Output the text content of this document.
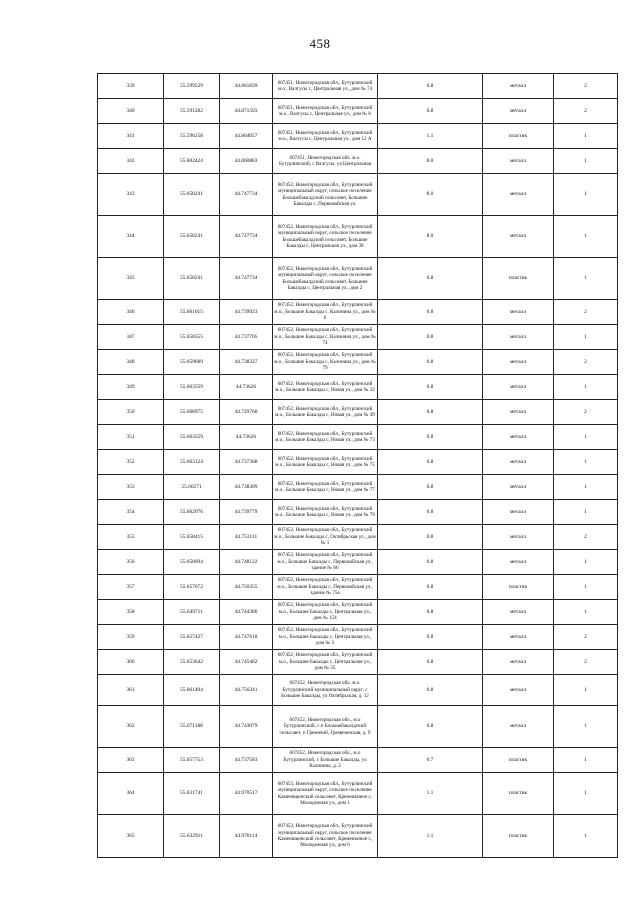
458
339	55.599529	44.861839	607451, Нижегородская обл., Бутурлинский м.о., Валгусы с, Центральная ул., дом № 74	0.8	металл	2
340	55.591282	44.871593	607451, Нижегородская обл., Бутурлинский м.о., Валгусы с, Центральная ул., дом № 8	0.8	металл	2
341	55.596258	44.864057	607451, Нижегородская обл., Бутурлинский м.о., Валгусы с, Центральная ул., дом 12 А	1.1	пластик	1
342	55.602424	44.860883	607451, Нижегородская обл. м.о. Бутурлинский, с Валгусы, ул Центральная	8.0	металл	1
343	55.658241	44.747734	607452, Нижегородская обл., Бутурлинский муниципальный округ, сельское поселение Большебакалдский сельсовет, Большие Бакалды с, Первомайская ул.	8.0	металл	1
344	55.658241	44.747734	607452, Нижегородская обл., Бутурлинский муниципальный округ, сельское поселение Большебакалдский сельсовет, Большие Бакалды с, Центральная ул., дом 38	8.0	металл	1
345	55.658241	44.747734	607452, Нижегородская обл., Бутурлинский муниципальный округ, сельское поселение Большебакалдский сельсовет, Большие Бакалды с, Центральная ул., дом 2	0.8	пластик	1
346	55.661015	44.739923	607452, Нижегородская обл., Бутурлинский м.о., Большие Бакалды с, Калинина ул., дом № 6	0.8	металл	2
347	55.658555	44.737705	607452, Нижегородская обл., Бутурлинский м.о., Большие Бакалды с, Калинина ул., дом № 74	0.8	металл	1
348	55.659689	44.738327	607452, Нижегородская обл., Бутурлинский м.о., Большие Бакалды с, Калинина ул., дом № 79	0.8	металл	2
349	55.663559	44.73626	607452, Нижегородская обл., Бутурлинский м.о., Большие Бакалды с, Новая ул., дом № 32	0.8	металл	1
350	55.668975	44.729768	607452, Нижегородская обл., Бутурлинский м.о., Большие Бакалды с, Новая ул., дом № 49	0.8	металл	2
351	55.663559	44.73626	607452, Нижегородская обл., Бутурлинский м.о., Большие Бакалды с, Новая ул., дом № 73	0.8	металл	1
352	55.663124	44.737368	607452, Нижегородская обл., Бутурлинский м.о., Большие Бакалды с, Новая ул., дом № 75	0.8	металл	1
353	55.66271	44.738309	607452, Нижегородская обл., Бутурлинский м.о., Большие Бакалды с, Новая ул., дом № 77	0.8	металл	1
354	55.662076	44.739779	607452, Нижегородская обл., Бутурлинский м.о., Большие Бакалды с, Новая ул., дом № 79	0.8	металл	1
355	55.658415	44.753111	607452, Нижегородская обл., Бутурлинский м.о., Большие Бакалды с, Октябрьская ул., дом № 1	0.8	металл	2
356	55.658694	44.748122	607452, Нижегородская обл., Бутурлинский м.о., Большие Бакалды с, Первомайская ул., здание № 66	0.8	металл	1
357	55.657672	44.750355	607452, Нижегородская обл., Бутурлинский м.о., Большие Бакалды с, Первомайская ул., здание № 75а	0.8	пластик	1
358	55.649711	44.744386	607452, Нижегородская обл., Бутурлинский м.о., Большие Бакалды с, Центральная ул., дом № 154	0.8	металл	1
359	55.657427	44.747618	607452, Нижегородская обл., Бутурлинский м.о., Большие Бакалды с, Центральная ул., дом № 3	0.8	металл	2
360	55.653642	44.745462	607452, Нижегородская обл., Бутурлинский м.о., Большие Бакалды с, Центральная ул., дом № 35	0.8	металл	2
361	55.661404	44.756341	607452, Нижегородская обл. м.о. Бутурлинский муниципальный округ, с Большие Бакалды, ул Октябрьская, д. 12	0.8	металл	1
362	55.671188	44.743079	607452, Нижегородская обл., м.о Бутурлинский, с.п Большебакалдский сельсовет, п Гремячий, Гремяченская, д. 9	0.8	металл	1
363	55.657753	44.737583	607452, Нижегородская обл., м.о Бутурлинский, с Большие Бакалды, ул Калинина, д. 2	0.7	пластик	1
364	55.631741	44.970517	607453, Нижегородская обл., Бутурлинский муниципальный округ, сельское поселение Каменищенский сельсовет, Кременкиное с, Молодежная ул., дом 1	1.1	пластик	1
365	55.632911	44.970114	607453, Нижегородская обл., Бутурлинский муниципальный округ, сельское поселение Каменищенский сельсовет, Кременкиное с, Молодежная ул., дом 6	1.1	пластик	1
